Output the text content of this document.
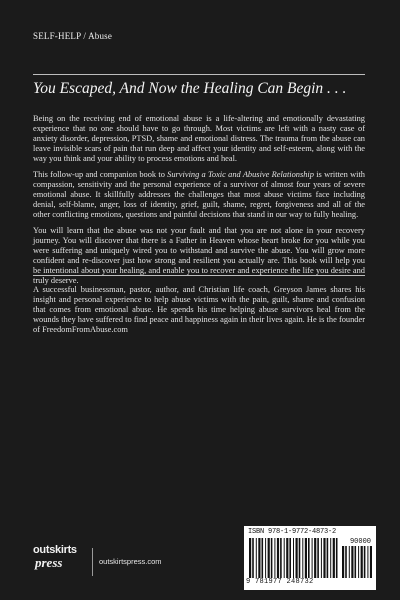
SELF-HELP / Abuse
You Escaped, And Now the Healing Can Begin . . .
Being on the receiving end of emotional abuse is a life-altering and emotionally devastating experience that no one should have to go through. Most victims are left with a nasty case of anxiety disorder, depression, PTSD, shame and emotional distress. The trauma from the abuse can leave invisible scars of pain that run deep and affect your identity and self-esteem, along with the way you think and your ability to process emotions and heal.
This follow-up and companion book to Surviving a Toxic and Abusive Relationship is written with compassion, sensitivity and the personal experience of a survivor of almost four years of severe emotional abuse. It skillfully addresses the challenges that most abuse victims face including denial, self-blame, anger, loss of identity, grief, guilt, shame, regret, forgiveness and all of the other conflicting emotions, questions and painful decisions that stand in our way to fully healing.
You will learn that the abuse was not your fault and that you are not alone in your recovery journey. You will discover that there is a Father in Heaven whose heart broke for you while you were suffering and uniquely wired you to withstand and survive the abuse. You will grow more confident and re-discover just how strong and resilient you actually are. This book will help you be intentional about your healing, and enable you to recover and experience the life you desire and truly deserve.
A successful businessman, pastor, author, and Christian life coach, Greyson James shares his insight and personal experience to help abuse victims with the pain, guilt, shame and confusion that comes from emotional abuse. He spends his time helping abuse survivors heal from the wounds they have suffered to find peace and happiness again in their lives again. He is the founder of FreedomFromAbuse.com
outskirts
press	outskirtspress.com
ISBN 978-1-9772-4873-2
90000
9 781977 248732
